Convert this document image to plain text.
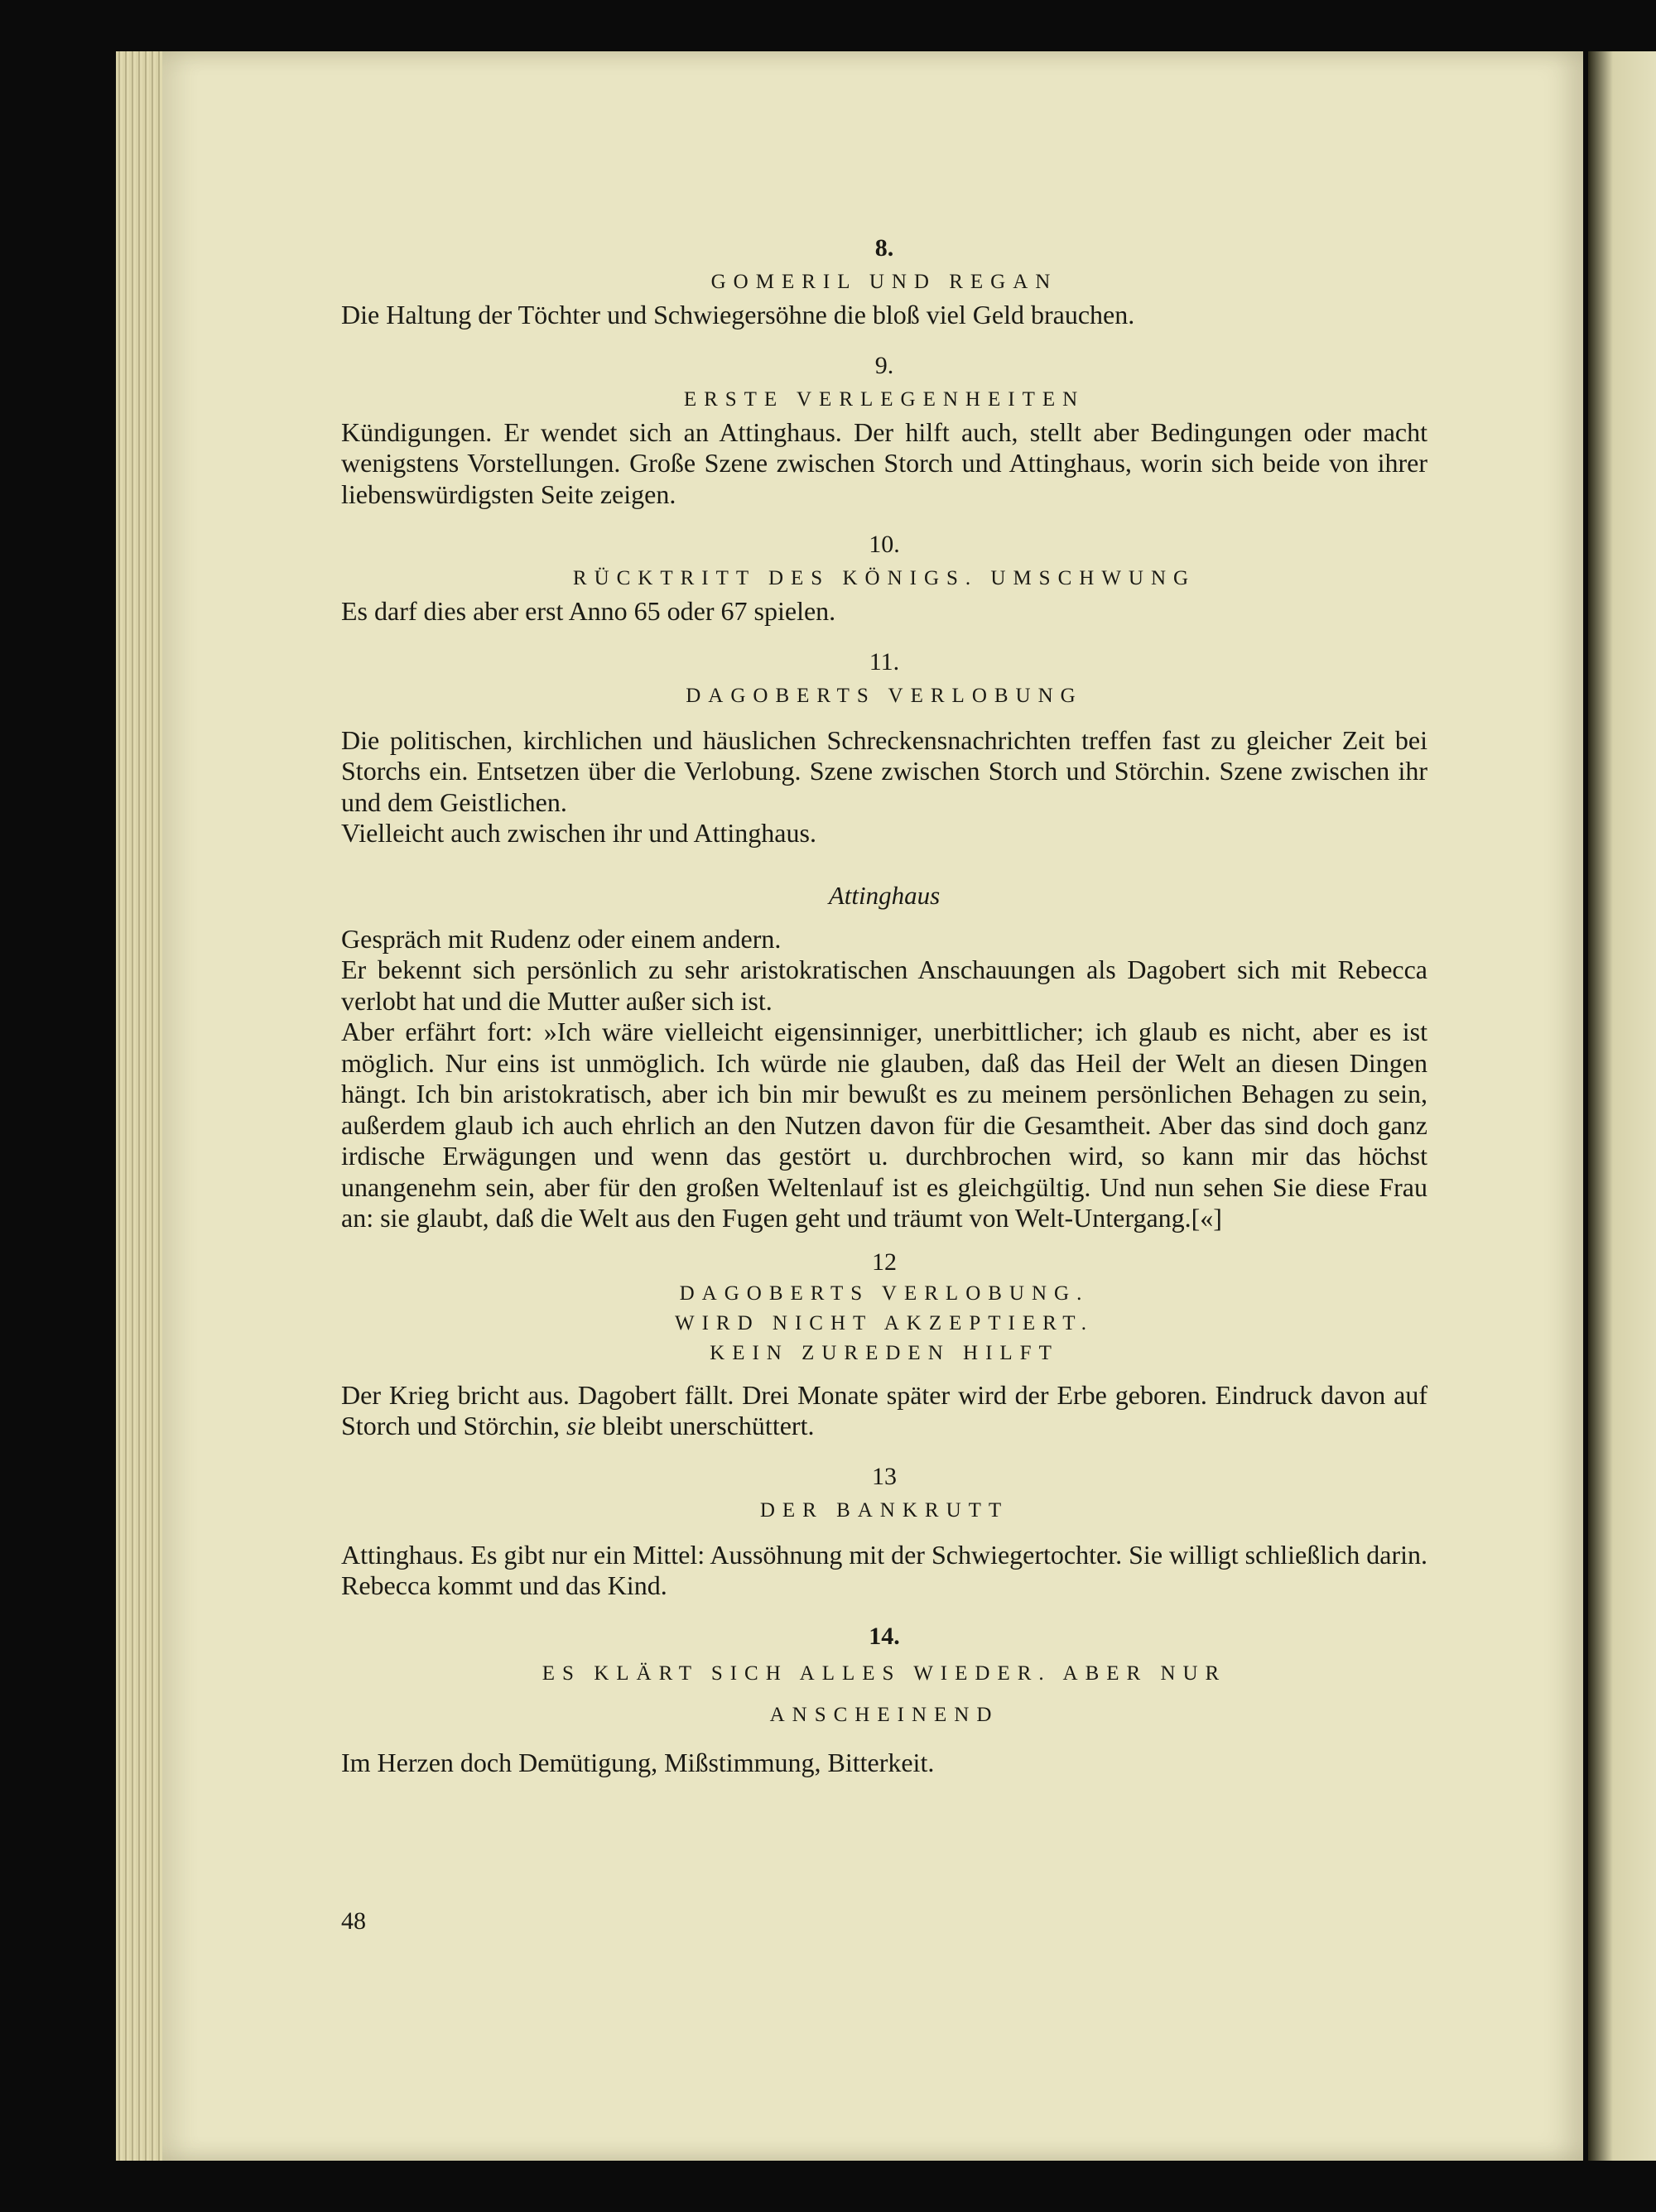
8.

GOMERIL UND REGAN

Die Haltung der Töchter und Schwiegersöhne die bloß viel Geld brauchen.

9.

ERSTE VERLEGENHEITEN

Kündigungen. Er wendet sich an Attinghaus. Der hilft auch, stellt aber Bedingungen oder macht wenigstens Vorstellungen. Große Szene zwischen Storch und Attinghaus, worin sich beide von ihrer liebenswürdigsten Seite zeigen.

10.

RÜCKTRITT DES KÖNIGS. UMSCHWUNG

Es darf dies aber erst Anno 65 oder 67 spielen.

11.

DAGOBERTS VERLOBUNG

Die politischen, kirchlichen und häuslichen Schreckensnachrichten treffen fast zu gleicher Zeit bei Storchs ein. Entsetzen über die Verlobung. Szene zwischen Storch und Störchin. Szene zwischen ihr und dem Geistlichen.

Vielleicht auch zwischen ihr und Attinghaus.

Attinghaus

Gespräch mit Rudenz oder einem andern.

Er bekennt sich persönlich zu sehr aristokratischen Anschauungen als Dagobert sich mit Rebecca verlobt hat und die Mutter außer sich ist.

Aber erfährt fort: »Ich wäre vielleicht eigensinniger, unerbittlicher; ich glaub es nicht, aber es ist möglich. Nur eins ist unmöglich. Ich würde nie glauben, daß das Heil der Welt an diesen Dingen hängt. Ich bin aristokratisch, aber ich bin mir bewußt es zu meinem persönlichen Behagen zu sein, außerdem glaub ich auch ehrlich an den Nutzen davon für die Gesamtheit. Aber das sind doch ganz irdische Erwägungen und wenn das gestört u. durchbrochen wird, so kann mir das höchst unangenehm sein, aber für den großen Weltenlauf ist es gleichgültig. Und nun sehen Sie diese Frau an: sie glaubt, daß die Welt aus den Fugen geht und träumt von Welt-Untergang.[«]

12

DAGOBERTS VERLOBUNG.

WIRD NICHT AKZEPTIERT.

KEIN ZUREDEN HILFT

Der Krieg bricht aus. Dagobert fällt. Drei Monate später wird der Erbe geboren. Eindruck davon auf Storch und Störchin, sie bleibt unerschüttert.

13

DER BANKRUTT

Attinghaus. Es gibt nur ein Mittel: Aussöhnung mit der Schwiegertochter. Sie willigt schließlich darin. Rebecca kommt und das Kind.

14.

ES KLÄRT SICH ALLES WIEDER. ABER NUR

ANSCHEINEND

Im Herzen doch Demütigung, Mißstimmung, Bitterkeit.

48
